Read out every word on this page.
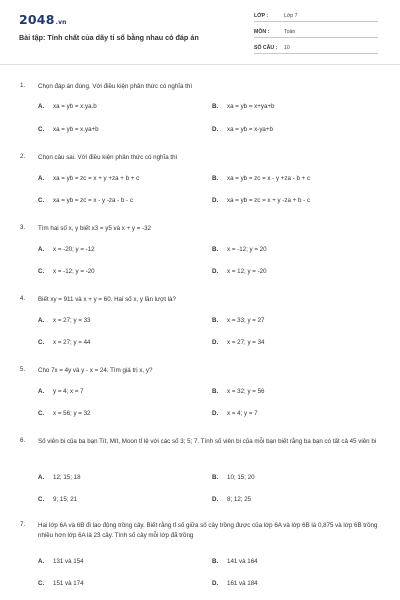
2048.vn
Bài tập: Tính chất của dãy tỉ số bằng nhau có đáp án
LỚP :	Lớp 7
MÔN :	Toán
SỐ CÂU : 10
1. Chọn đáp án đúng. Với điều kiện phân thức có nghĩa thì
A. xa = yb = x.ya.b	B. xa = yb = x+ya+b
C. xa = yb = x.ya+b	D. xa = yb = x-ya+b
2. Chọn câu sai. Với điều kiện phân thức có nghĩa thì
A. xa = yb = zc = x + y +za + b + c	B. xa = yb = zc = x - y +za - b + c
C. xa = yb = zc = x - y -za - b - c	D. xa = yb = zc = x + y -za + b - c
3. Tìm hai số x, y biết x3 = y5 và x + y = -32
A. x = -20; y = -12	B. x = -12; y = 20
C. x = -12; y = -20	D. x = 12; y = -20
4. Biết xy = 911 và x + y = 60. Hai số x, y lần lượt là?
A. x = 27; y = 33	B. x = 33; y = 27
C. x = 27; y = 44	D. x = 27; y = 34
5. Cho 7x = 4y và y - x = 24. Tìm giá trị x, y?
A. y = 4; x = 7	B. x = 32; y = 56
C. x = 56; y = 32	D. x = 4; y = 7
6. Số viên bi của ba bạn Tít, Mít, Moon tỉ lệ với các số 3; 5; 7. Tính số viên bi của mỗi bạn biết rằng ba bạn có tất cả 45 viên bi
A. 12; 15; 18	B. 10; 15; 20
C. 9; 15; 21	D. 8; 12; 25
7. Hai lớp 6A và 6B đi lao động trồng cây. Biết rằng tỉ số giữa số cây trồng được của lớp 6A và lớp 6B là 0,875 và lớp 6B trồng nhiều hơn lớp 6A là 23 cây. Tính số cây mỗi lớp đã trồng
A. 131 và 154	B. 141 và 164
C. 151 và 174	D. 161 và 184
